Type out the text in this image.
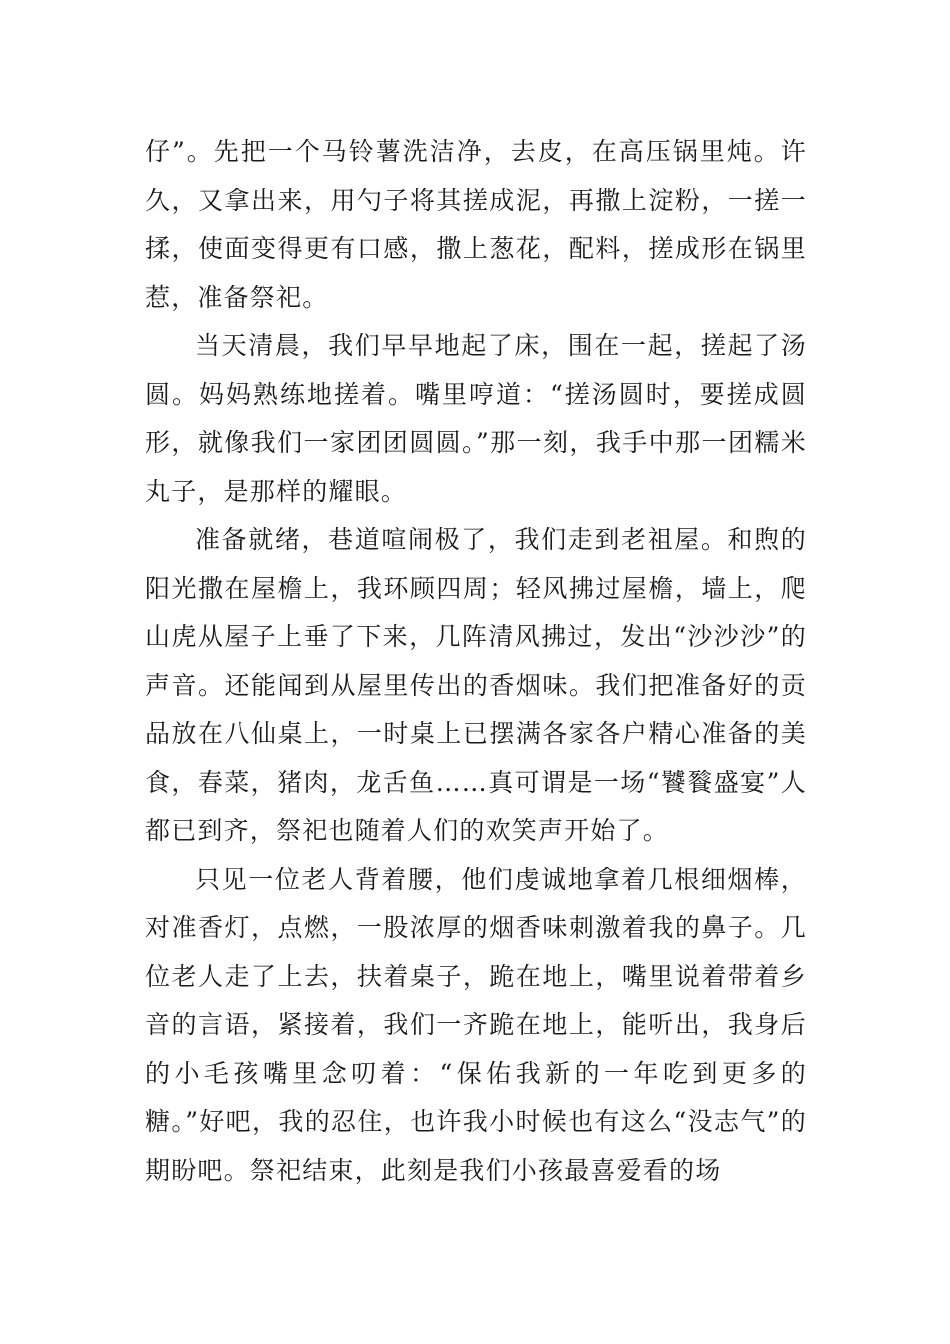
仔”。先把一个马铃薯洗洁净，去皮，在高压锅里炖。许久，又拿出来，用勺子将其搓成泥，再撒上淀粉，一搓一揉，使面变得更有口感，撒上葱花，配料，搓成形在锅里惹，准备祭祀。

当天清晨，我们早早地起了床，围在一起，搓起了汤圆。妈妈熟练地搓着。嘴里哼道：“搓汤圆时，要搓成圆形，就像我们一家团团圆圆。”那一刻，我手中那一团糯米丸子，是那样的耀眼。

准备就绪，巷道喧闹极了，我们走到老祖屋。和煦的阳光撒在屋檐上，我环顾四周；轻风拂过屋檐，墙上，爬山虎从屋子上垂了下来，几阵清风拂过，发出“沙沙沙”的声音。还能闻到从屋里传出的香烟味。我们把准备好的贡品放在八仙桌上，一时桌上已摆满各家各户精心准备的美食，春菜，猪肉，龙舌鱼……真可谓是一场“饕餮盛宴”人都已到齐，祭祀也随着人们的欢笑声开始了。

只见一位老人背着腰，他们虔诚地拿着几根细烟棒，对准香灯，点燃，一股浓厚的烟香味刺激着我的鼻子。几位老人走了上去，扶着桌子，跪在地上，嘴里说着带着乡音的言语，紧接着，我们一齐跪在地上，能听出，我身后的小毛孩嘴里念叨着：“保佑我新的一年吃到更多的糖。”好吧，我的忍住，也许我小时候也有这么“没志气”的期盼吧。祭祀结束，此刻是我们小孩最喜爱看的场
